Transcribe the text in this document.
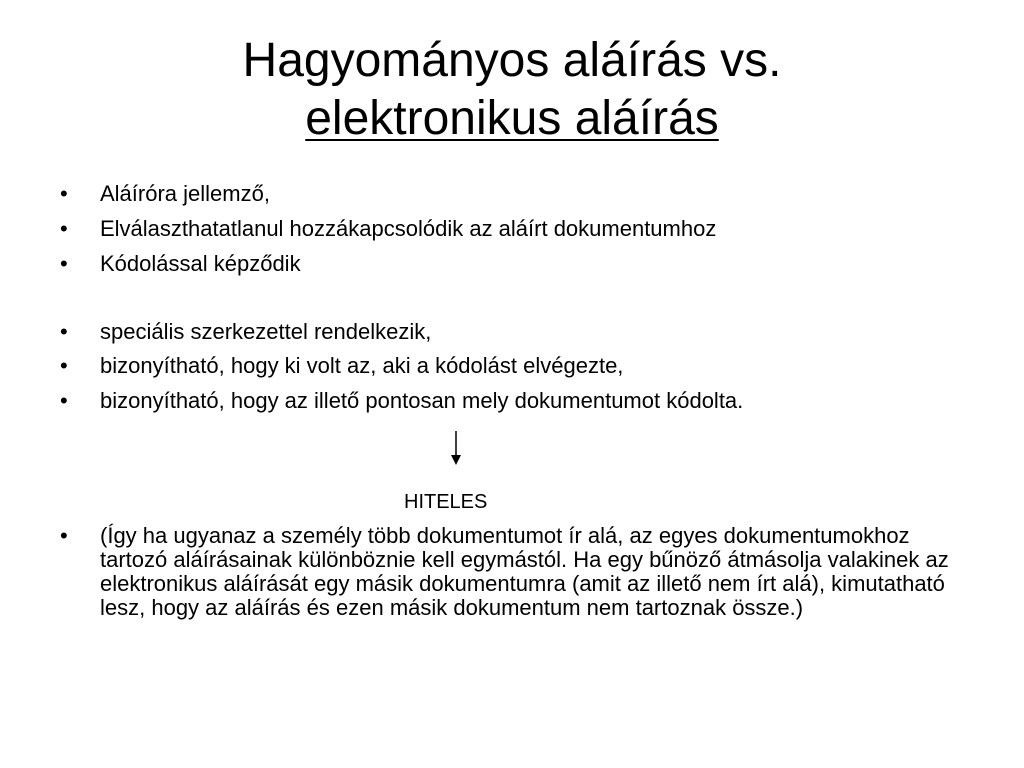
Hagyományos aláírás vs.
elektronikus aláírás
•	Aláíróra jellemző,
•	Elválaszthatatlanul hozzákapcsolódik az aláírt dokumentumhoz
•	Kódolással képződik
•	speciális szerkezettel rendelkezik,
•	bizonyítható, hogy ki volt az, aki a kódolást elvégezte,
•	bizonyítható, hogy az illető pontosan mely dokumentumot kódolta.
HITELES
•	(Így ha ugyanaz a személy több dokumentumot ír alá, az egyes dokumentumokhoz tartozó aláírásainak különböznie kell egymástól. Ha egy bűnöző átmásolja valakinek az elektronikus aláírását egy másik dokumentumra (amit az illető nem írt alá), kimutatható lesz, hogy az aláírás és ezen másik dokumentum nem tartoznak össze.)
